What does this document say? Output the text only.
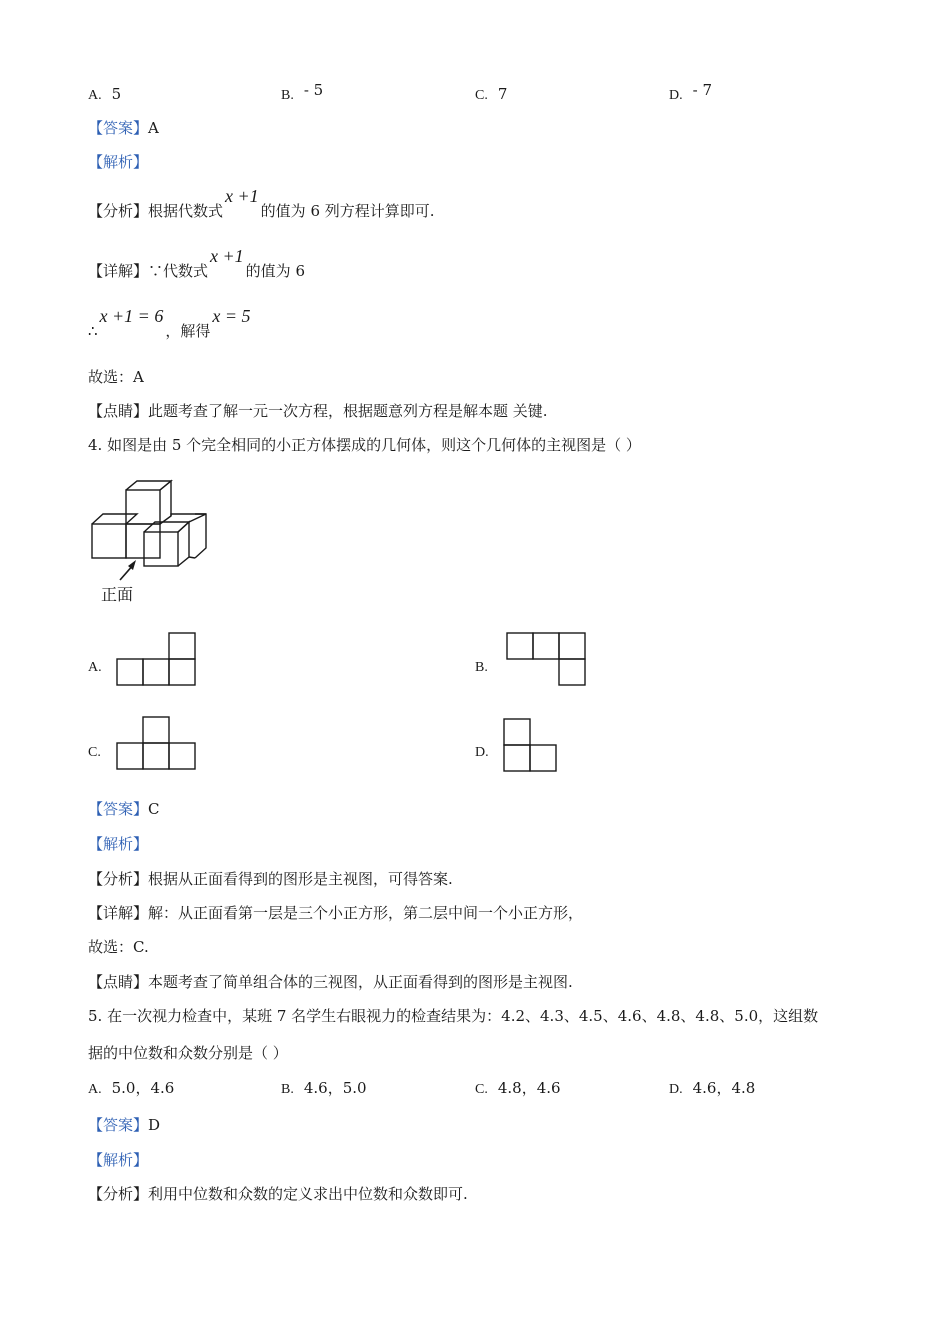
A. 5	B. - 5	C. 7	D. - 7
【答案】A
【解析】
【分析】根据代数式x +1的值为 6 列方程计算即可.
【详解】∵代数式x +1的值为 6
∴x +1 = 6，解得x = 5
故选：A
【点睛】此题考查了解一元一次方程，根据题意列方程是解本题 关键.
4. 如图是由 5 个完全相同的小正方体摆成的几何体，则这个几何体的主视图是（ ）
正面
A.	B.
C.	D.
【答案】C
【解析】
【分析】根据从正面看得到的图形是主视图，可得答案.
【详解】解：从正面看第一层是三个小正方形，第二层中间一个小正方形，
故选：C.
【点睛】本题考查了简单组合体的三视图，从正面看得到的图形是主视图.
5. 在一次视力检查中，某班 7 名学生右眼视力的检查结果为：4.2、4.3、4.5、4.6、4.8、4.8、5.0，这组数
据的中位数和众数分别是（ ）
A. 5.0，4.6	B. 4.6，5.0	C. 4.8，4.6	D. 4.6，4.8
【答案】D
【解析】
【分析】利用中位数和众数的定义求出中位数和众数即可.
